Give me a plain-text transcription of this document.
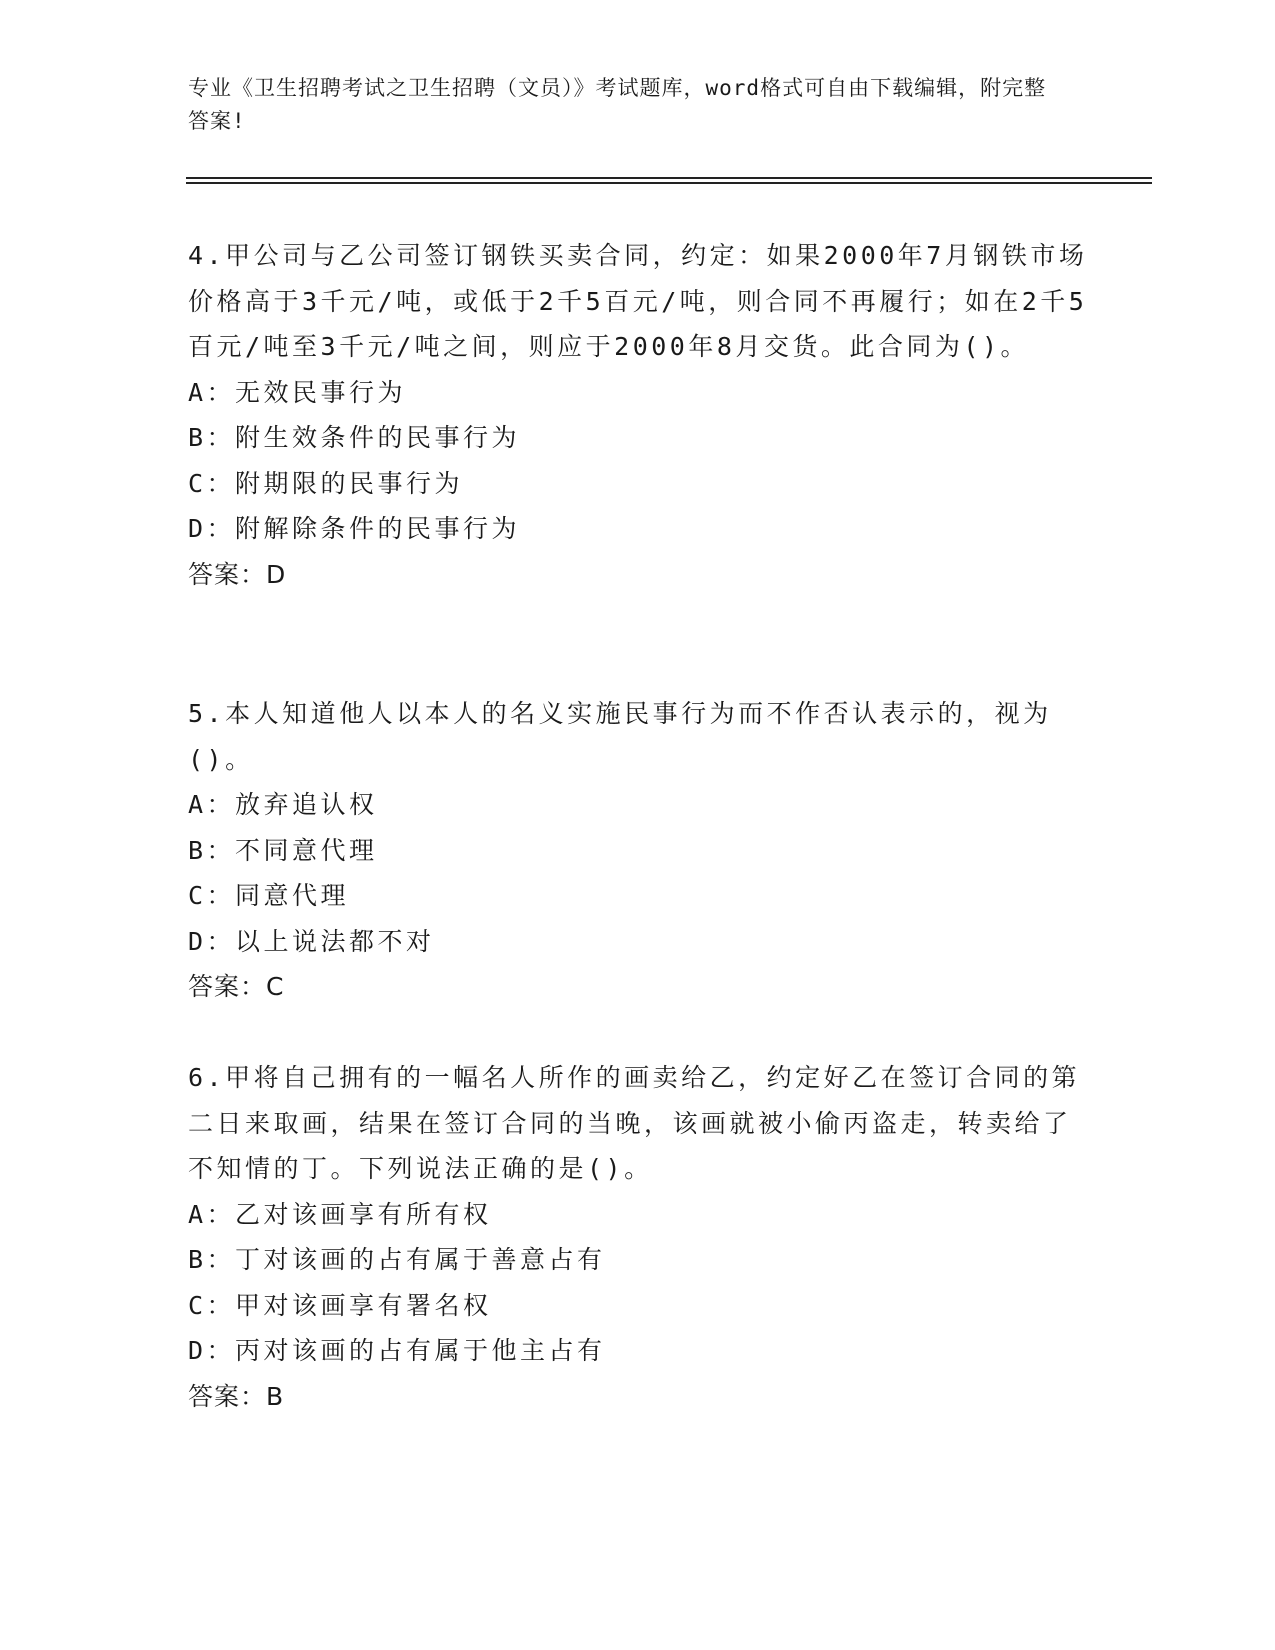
专业《卫生招聘考试之卫生招聘（文员）》考试题库，word格式可自由下载编辑，附完整答案!

4.甲公司与乙公司签订钢铁买卖合同，约定：如果2000年7月钢铁市场价格高于3千元/吨，或低于2千5百元/吨，则合同不再履行；如在2千5百元/吨至3千元/吨之间，则应于2000年8月交货。此合同为()。

A：无效民事行为

B：附生效条件的民事行为

C：附期限的民事行为

D：附解除条件的民事行为

答案：D

5.本人知道他人以本人的名义实施民事行为而不作否认表示的，视为()。

A：放弃追认权

B：不同意代理

C：同意代理

D：以上说法都不对

答案：C

6.甲将自己拥有的一幅名人所作的画卖给乙，约定好乙在签订合同的第二日来取画，结果在签订合同的当晚，该画就被小偷丙盗走，转卖给了不知情的丁。下列说法正确的是()。

A：乙对该画享有所有权

B：丁对该画的占有属于善意占有

C：甲对该画享有署名权

D：丙对该画的占有属于他主占有

答案：B
